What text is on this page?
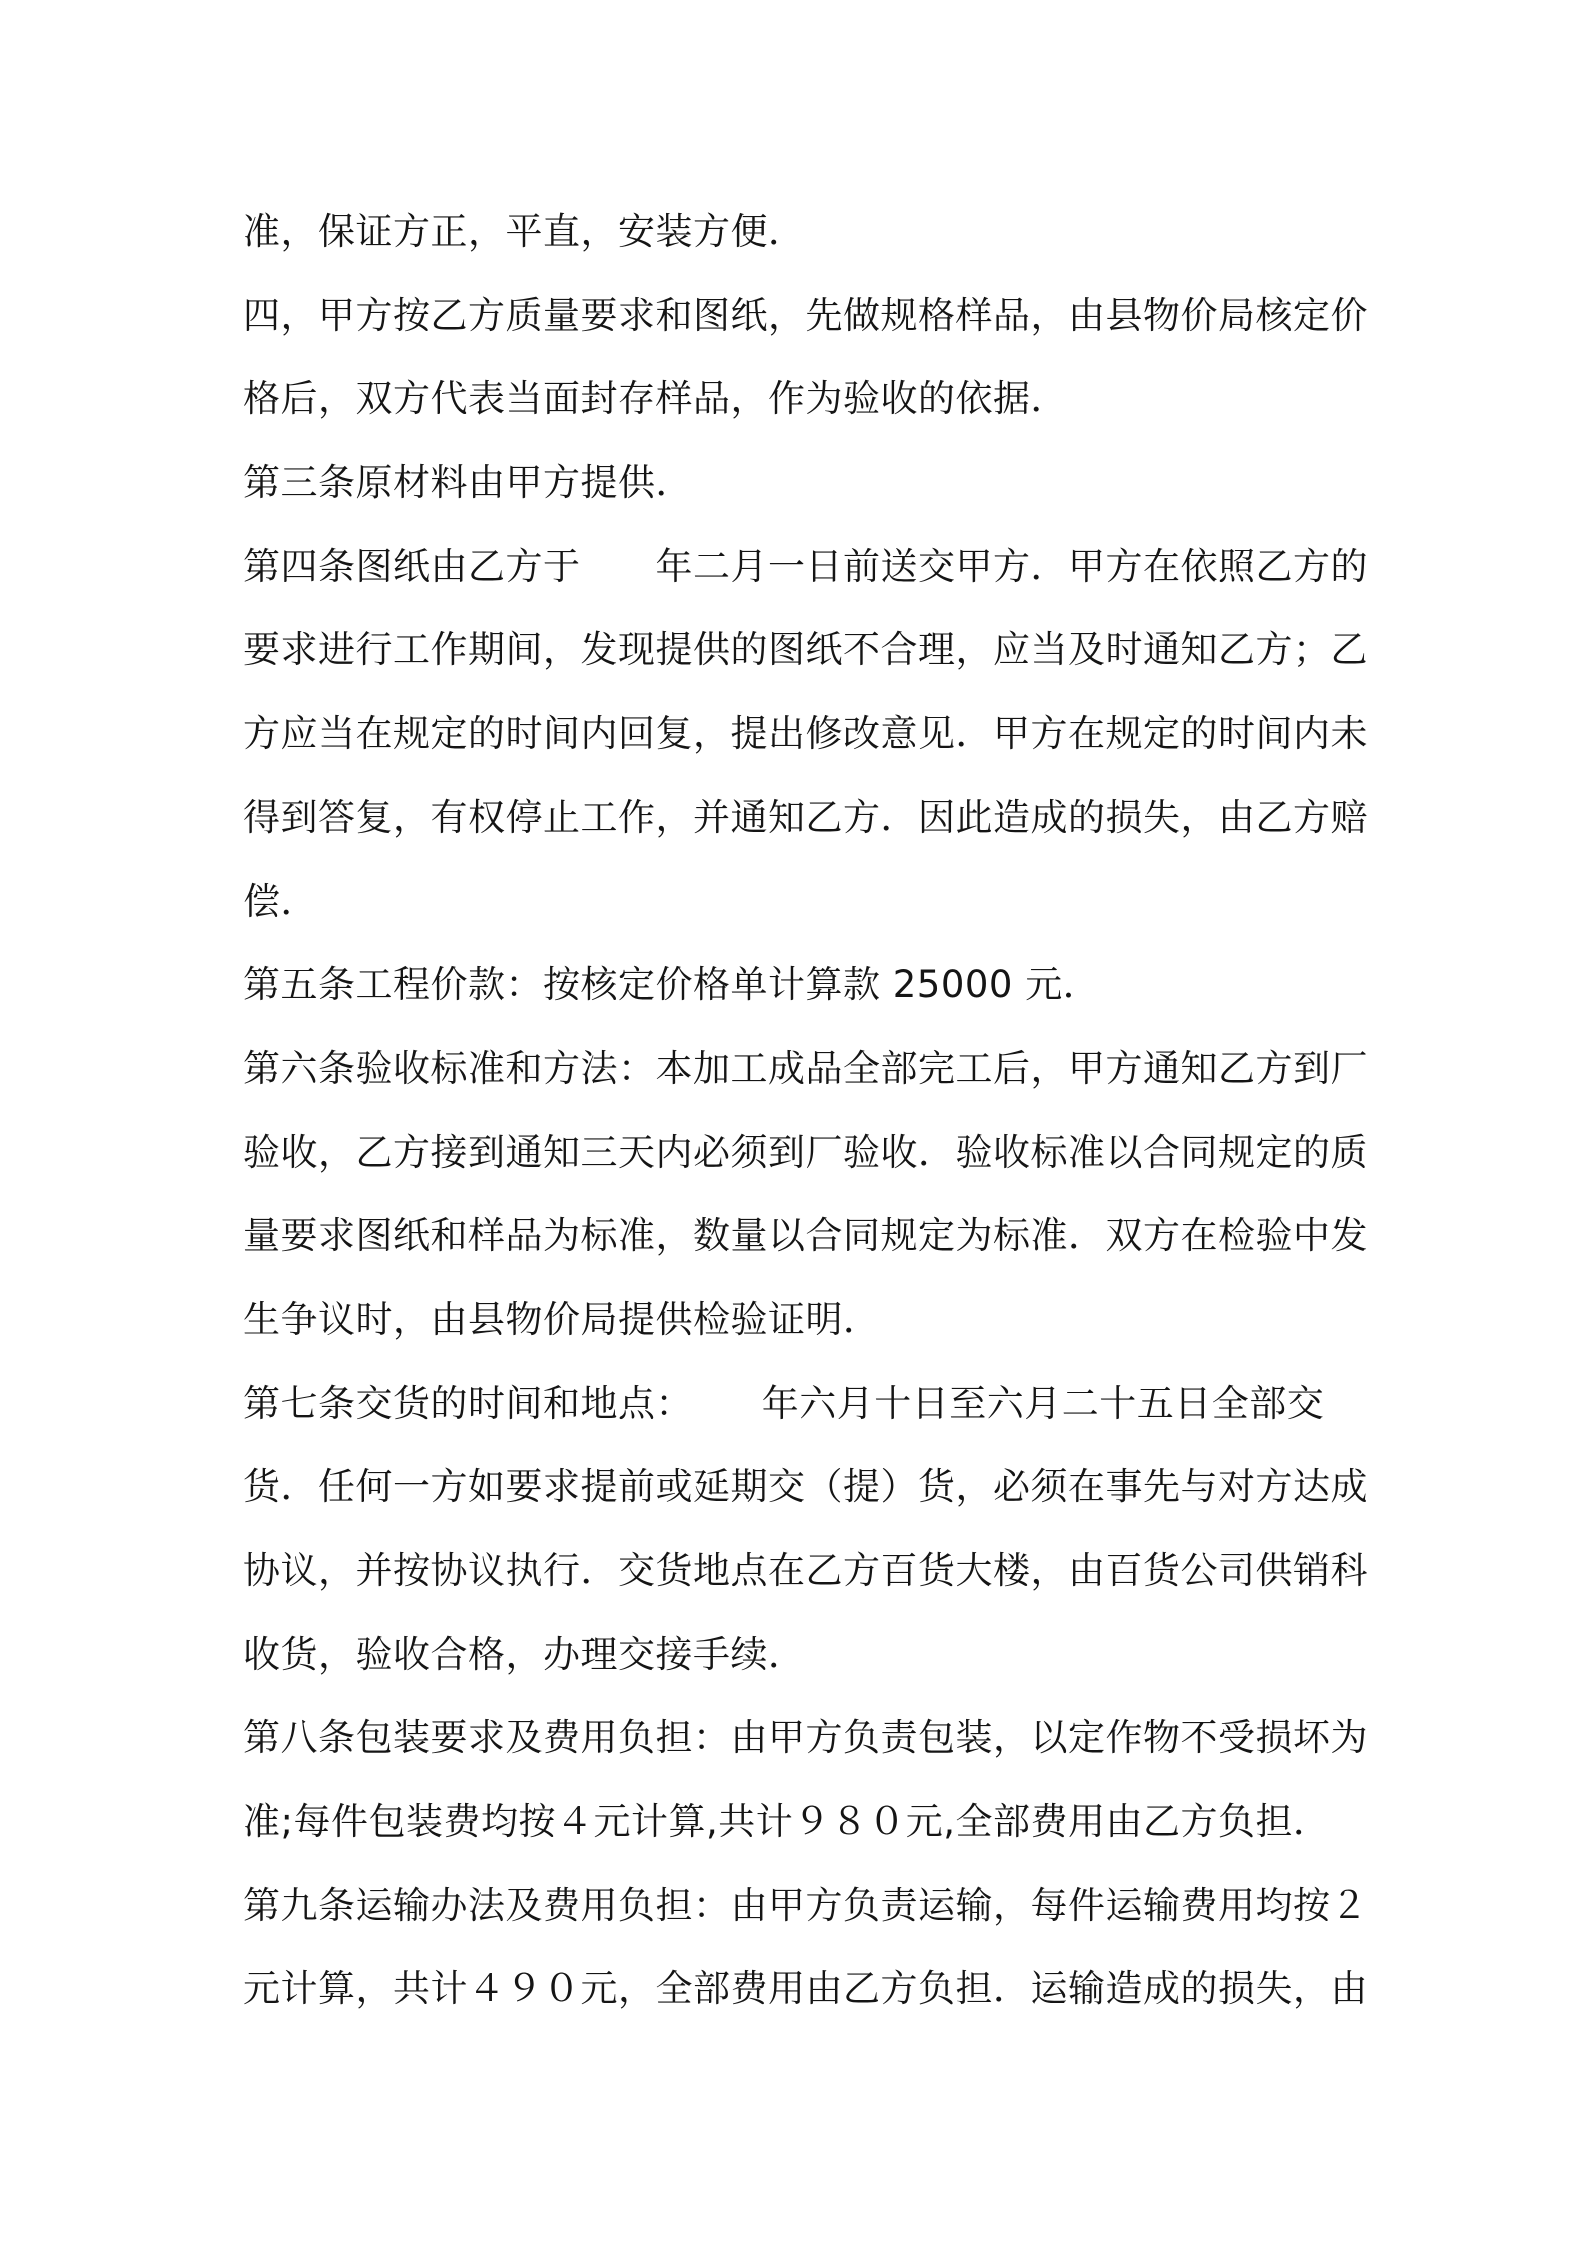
准，保证方正，平直，安装方便．
四，甲方按乙方质量要求和图纸，先做规格样品，由县物价局核定价
格后，双方代表当面封存样品，作为验收的依据．
第三条原材料由甲方提供．
第四条图纸由乙方于　　年二月一日前送交甲方．甲方在依照乙方的
要求进行工作期间，发现提供的图纸不合理，应当及时通知乙方；乙
方应当在规定的时间内回复，提出修改意见．甲方在规定的时间内未
得到答复，有权停止工作，并通知乙方．因此造成的损失，由乙方赔
偿．
第五条工程价款：按核定价格单计算款 25000 元．
第六条验收标准和方法：本加工成品全部完工后，甲方通知乙方到厂
验收，乙方接到通知三天内必须到厂验收．验收标准以合同规定的质
量要求图纸和样品为标准，数量以合同规定为标准．双方在检验中发
生争议时，由县物价局提供检验证明．
第七条交货的时间和地点：　　 年六月十日至六月二十五日全部交
货．任何一方如要求提前或延期交（提）货，必须在事先与对方达成
协议，并按协议执行．交货地点在乙方百货大楼，由百货公司供销科
收货，验收合格，办理交接手续．
第八条包装要求及费用负担：由甲方负责包装，以定作物不受损坏为
准;每件包装费均按４元计算,共计９８０元,全部费用由乙方负担．
第九条运输办法及费用负担：由甲方负责运输，每件运输费用均按２
元计算，共计４９０元，全部费用由乙方负担．运输造成的损失，由
